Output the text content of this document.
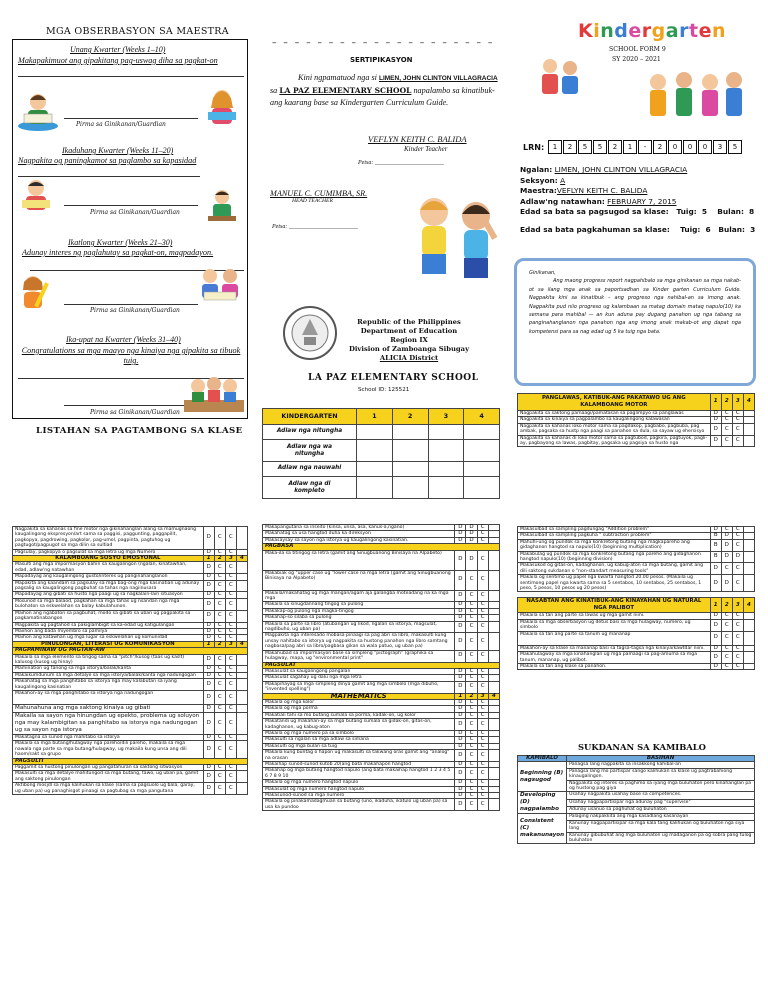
MGA OBSERBASYON SA MAESTRA
Unang Kwarter (Weeks 1–10)
Makapakimuot ang gipakitang pag-uswag diha sa pagkat-on
Pirma sa Ginikanan/Guardian
Ikaduhang Kwarter (Weeks 11–20)
Nagpakita og paningkamot sa paglambo sa kapasidad
Pirma sa Ginikanan/Guardian
Ikatlong Kwarter (Weeks 21–30)
Adunay interes ng paglahutay sa pagkat-on, magpadayon.
Pirma sa Ginikanan/Guardian
Ika-upat na Kwarter (Weeks 31–40)
Congratulations sa mga maayo nga kinaiya nga gipakita sa tibuok tuig.
Pirma sa Ginikanan/Guardian
LISTAHAN SA PAGTAMBONG SA KLASE
– – – – – – – – – – – – – – – – – – – –
SERTIPIKASYON
Kini ngpamatuod nga si LIMEN, JOHN CLINTON VILLAGRACIA sa LA PAZ ELEMENTARY SCHOOL napalambo sa kinatibuk-ang kaarang base sa Kindergarten Curriculum Guide.
VEFLYN KEITH C. BALIDA
Kinder Teacher
Petsa: _______________________
MANUEL C. CUMIMBA, SR.
HEAD TEACHER
Petsa: _______________________
Republic of the Philippines
Department of Education
Region IX
Division of Zamboanga Sibugay
ALICIA District
LA PAZ ELEMENTARY SCHOOL
School ID: 125521
KINDERGARTEN	1	2	3	4
Adlaw nga nitungha				
Adlaw nga wa nitungha				
Adlaw nga nauwahi				
Adlaw nga di kompleto				
Kindergarten
SCHOOL FORM 9
SY 2020 – 2021
LRN:	1	2	5	5	2	1	-	2	0	0	0	3	5
Ngalan: LIMEN, JOHN CLINTON VILLAGRACIA
Seksyon: A
Maestra:VEFLYN KEITH C. BALIDA
Adlaw'ng natawhan: FEBRUARY 7, 2015
Edad sa bata sa pagsugod sa klase:   Tuig:  5    Bulan:  8
Edad sa bata pagkahuman sa klase:    Tuig:  6   Bulan:  3
Ginikanan,
Ang maong progress report nagpahibalo sa mga ginikanan sa mga nakab-ot sa ilang mga anak sa paportsadhan sa Kinder garten Curriculum Guide. Nagpakita kini sa kinatibuk – ang progreso nga nahibal-an sa imong anak. Nagpakita pud niio progreso ug kalambaan sa matag domain mataq napulo(10) ka semana para mahibal — an kun aduna pay dugang panahon ug nga tabang sa panginahanglanon nga panahon nga ang imong anak makab-ot ang dapat nga kompetensi para sa nag edad ug 5 ka tuig nga bata.
PANGLAWAS, KATIBUK-ANG PAKATAWO UG ANG KALAMBOANG MOTOR	1	2	3	4
Nagpakita sa saktong pamaagi/pamatasan sa paglimpyo sa panglawas	D	C	C	
Nagpakita sa kinaiya sa pagpalambo sa kaugalingong kalawasan	D	C	C	
Nagpakita sa kahanas loko motor sama sa pagdakop, pagbabo, pagbuba, pag ambak, pagsaka sa hustp nga paagi sa panahon sa dula, sa sayaw ug ehersisyo	D	C	C	
Nagpakita sa kahanas di loko motor sama sa pagtubod, pagkira, pagtuyok, pagli-ay, pagbayong sa lawas, pagbitay, pagsaka ug pagsiya sa husto nga	D	C	C	
Nagpakita sa kahanas sa fine motor nga gikinahanglan alang sa mamugnaong kaugalingong ekspresyon/art sama sa paggisi, paggunting, paggapilit, pagkopya, pagdrowing, pagkolor, pag-umol, pagpinta, pagtuhog ug pagtugot/pagpugot sa mga dilin sa sultiad	D	C	C	
Pagsulay, pagkopya o pagsulat sa mga letra ug mga Numero	D	C	C	
KALAMBOANG SOSYO EMOSYONAL	1	2	3	4
Masulti ang mga impormasyon bahin sa kaugalingon (ngalan, kinatawhan, edad, adlaw'ng natawhan	D	C	C	
Mapadayag ang kaugalingong gusto/interes ug panginahanglanon	D	C	C	
Mapakita ang kaandam sa pagsulay sa mga bag-ong mga kasinatian ug adunay pagsalig sa kaugalingong pagbuhat sa tahas nga nagiinusara	D	C	C	
Mapadayag ang gibati sa husto nga paagi ug sa nagkalain-lain situasyon	D	C	C	
Mosunod sa mga balaod, pagkahan sa mga tahas ug nsandan nga mga bulohaton sa eskwelahan sa balay kabulahunon.	D	C	C	
Maihon ang ngabaton sa pagbuhat, modo sa gibati sa uban ug pagpakita sa pagkamatinabangon	D	C	C	
Magpakita ug pagtahod sa pakiglambigit sa ka-edad ug katigulangan	D	C	C	
Maiihon ang bada miyembro sa pamilya	D	C	C	
Maihon ang katawhan ug mga lugar sa eskwelahan ug komunidad	D	C	C	
PINULONGAN, LITERASI UG KOMUNIKASYON	1	2	3	4
PAGPAMINAW UG PAGTAN-AW				
Makaila sa mga elemento sa tingog sama sa "pitch"/kusog (taas ug kaslt) kalusog (kusog ug hinay)	D	C	C	
Mamination ug tanong sa mga istorya/balak/kanta	D	C	C	
Makaikumdunum sa mga detalye sa mga istorya/balak/kanta nga nadungogan	D	C	C	
Makahatag sa mga panghitabo sa istorya nga may kalabutan sa iyang kaugalingong kasinatian	D	C	C	
Makahon-ay sa mga panghitabo sa istorya nga nadungogan	D	C	C	
Mahunahuna ang mga saktong kinaiya ug gibati	D	C	C	
Makaila sa sayon nga hinungdan ug epekto, problema ug soluyon nga may kalambigitan sa panghitabo sa istorya nga nadungogan ug sa sayon nga istorya	D	C	C	
Makatagna sa sunod nga mahitabo sa istorya	D	C	C	
Makaila sa mga butang/hulagway nga pareho/dili pareho, makaila sa mga nawala nga parte sa mga butang/hulagway, ug makaila kung unsa ang dili haom/sakt sa grupo	D	C	C	
PAGSULTI				
Paggamit sa hustong pinulongan ug pangatahuran sa saktong sitwasyon	D	C	C	
Makasulti sa mga detalye mahitungod sa mga butang, tawo, ug uban pa, gamit ang saktong pinulongan	D	C	C	
Aktibong mosjdl sa mga kalihukan sa klase (sama sa pagsuolo ug bala, garay, ug uban pa) ug panaghisgot pinaagi sa pagtubag sa mga pangutana	D	C	C	
Makapangutana sa inseito (kinsa, unsa, asa, kanus-a,ngano)	D	D	C	
Makahatag sa usa hangtod duha ka direksyon	D	D	C	
Makasaysay sa sayon nga istorya ug kaugalingong kasinatian.	D	D	C	
PAGBASA				
Maka-ila sa titingog sa letra (gamit ang Sinugbuanong Binisaya na Alpabeto)	D	D	C	
Makabiak og "upper case ug "lower case na mga letra (gamit ang Sinugbuanong Binisaya na Alpabeto)	D	C	C	
Makaila/makahatag ug mga mangan/agam aja galangba moteadang na ka mga mga	D	C	C	
Makaila sa sinugdannang tingog sa pulong	D	C	C	
Makakap-og pulong nga magka-tingog	D	C	C	
Makahap-so silaba sa pulong	D	C	C	
Makaila sa parte sa libro (atubangan ug likod, ngalan sa istorya, magsulat, nagdibuho, ug uban pa)	D	C	C	
Magpakita nga interesado mobasa pinaagi sa pag abri sa libro, makasulti kung unsay nahitabo sa istorya ug nagpakita sa hustong panahon nga libro samtang nagbasa/pag abri sa libro/pagbasa gikan sa wala patuo, ug uban pa)	D	C	C	
Makahubad sa impormasyon base sa simpleng "pictograph" (graphika sa hulagway, mapa, ug "environmental print"	D	C	C	
PAGSULAT				
Makasulat sa kaugalingong pangalan	D	C	C	
Makasulat sagahay ug dalu nga mga letra	D	C	C	
Makapihayag sa mga simpleng dinya gamit ang mga simbolo (mga dibuho, "invented spelling")	D	C	C	
MATHEMATICS	1	2	3	4
Makaila og mga kolor	D	C	C	
Makaila og mga porma	D	C	C	
Makatiali tahi sa mo butang sumala sa porma, kadak-on, ug kolor	D	C	C	
Makatandi ug makahan-ay sa mga butang sumala sa gidak-on, gitas-on, kadaghanon, ug kabug-aton	D	C	C	
Makaila og mga numero pa sa simbolo	D	C	C	
Makasulti sa ngalan sa mga adlaw sa simana	D	C	C	
Makasulti og mga bulan sa tuig	D	C	C	
Makaila kung buntag o hapon ug makasulti sa takwang oras gamit ang "analog" na orasan	D	C	C	
Makaihap sunod-sunod kutob 20(ang bata makahapon hangtod	D	C	C	
Makahap og mga butang hangtod napulo (ang bata makaihap hangtod 1 2 3 4 5 6 7 8 9 10	D	C	C	
Makaila og mga numero hangtod napulo	D	C	C	
Makasulat og mga numero hangtod napulo	D	C	C	
Makasunod-sunod sa mga numero	D	C	C	
Makaila og pinakamadagmuan sa butang (uno, ikaduha, ikatulo ug uban pa) sa usa ka pundoo	D	C	C	
Makasulbad sa sampling pagdungag "Addition problem"	D	C	C	
Makasulbad sa sampling pagkuha " subtraction problem"	B	D	C	
Mahuhi-ung og pundok sa mga konkretong butang nga magkapareho ang gidaghanon hangtod sa napulo(10) (beginning multiplication)	B	D	C	
Makabulag ug pundok sa mga konkretong butang nga pareho ang gidaghanon hangtod napulo(10) (beginning division)	B	D	D	
Makasukod og gitas-on, kadaghanon, ug kabug-aton sa mga butang, gamit ang dili saktong sukdanan o "non-standart measuring tools"	D	C	C	
Makaila og sentimo ug papel nga kwarta hangtod 20.00 pesos. (Makaila ug sentimong papel nga kwarta sama sa 5 sentabos, 10 sentabos, 25 sentabos, 1 peso, 5 pesos, 10 pesos ug 20 pesos)	D	D	C	

NASABTAN ANG KINATIBUK-ANG KINAYAHAN UG NATURAL NGA PALIBOT	1	2	3	4
Makaila sa tan ang parte sa lawas ug mga gamit niini.	D	C	C	
Makaila sa mga obserbasyon ug detus basi sa mga hulagway, numero, ug simbolo	D	C	C	
Makaila sa tan ang parte sa tanum ug mananap	D	C	C	
Makahon-ay sa klase sa mananap basi sa tagsa-tagsa nga kinaiya/kawtdar niini.	D	C	C	
Makahulagway sa mga kinahanglan ug mga pamaagi sa pag-amuma sa mga tanum, mananap, ug palibot.	D	C	C	
Makaila sa tan ang klase sa panahon.	D	C	C	
SUKDANAN SA KAMIBALO
KAMIBALO	BASIHAN
Beginning (B) nagsugod	Panagsa lang nagpakita sa insakkong kahibal-an
	Panagsa lang mo partispar sango kalihukan sa klase ug pagtrabahiong kinaugalingon.
	Nagpakita og interes sa paghimo sa iyang mga buluhaton pero kinahanglan pa og hustong pag giya
Developing (D) nagpalambo	Usahay nagpakita usahay base sa competences.
	Usahay nagpapartisipar nga adunay pag "supervise"
	Adunay usanuo sa paghuhat og buluhaton
Consistent (C) makanunayon	Palaging nakpakkita ang mga kasadlang kasanayan
	Kanunay nagpapartisipar sa mga kala tang kalihukan og buluhaton nga siya lang
	Kanunay gibubuhat ang mga buluhaton ug madaganon pa og sobra pang tulog buluhaton
